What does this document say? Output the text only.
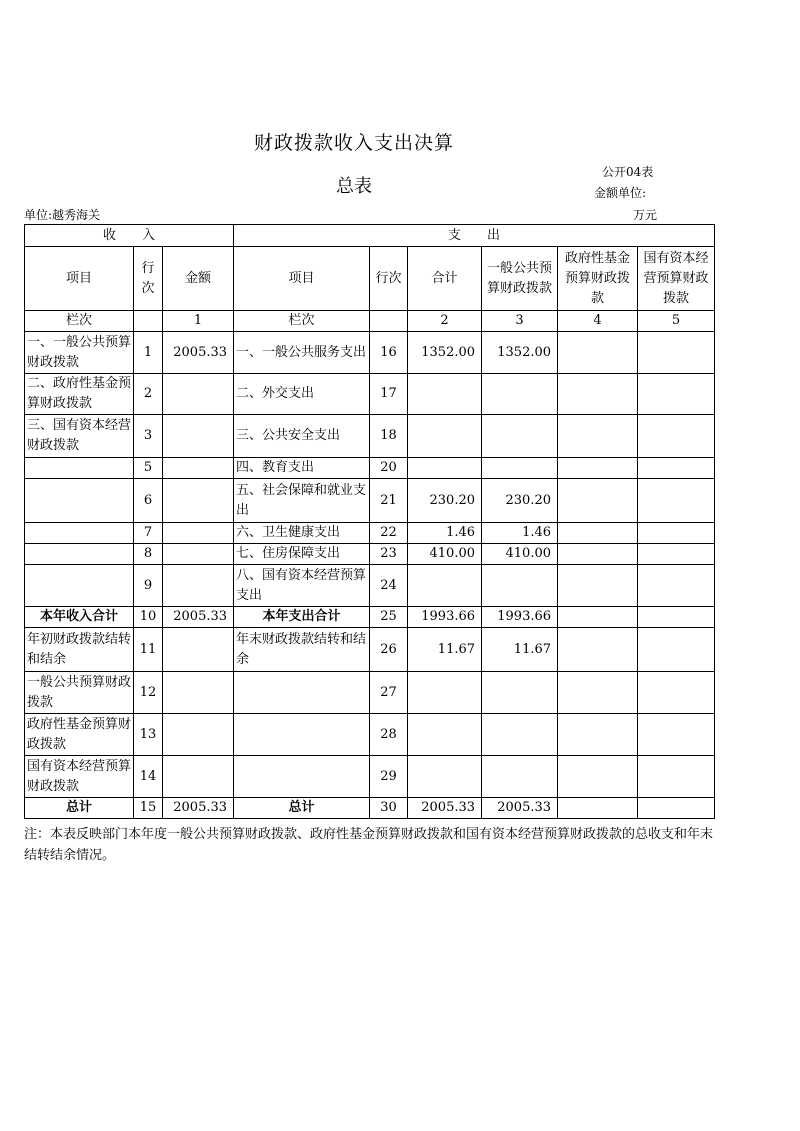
财政拨款收入支出决算
总表
公开04表
金额单位:
单位:越秀海关	万元
收　　入			支　　出					
项目	行次	金额	项目	行次	合计	一般公共预算财政拨款	政府性基金预算财政拨款	国有资本经营预算财政拨款
栏次		1	栏次		2	3	4	5
一、一般公共预算财政拨款	1	2005.33	一、一般公共服务支出	16	1352.00	1352.00		
二、政府性基金预算财政拨款	2		二、外交支出	17				
三、国有资本经营财政拨款	3		三、公共安全支出	18				
	5		四、教育支出	20				
	6		五、社会保障和就业支出	21	230.20	230.20		
	7		六、卫生健康支出	22	1.46	1.46		
	8		七、住房保障支出	23	410.00	410.00		
	9		八、国有资本经营预算支出	24				
本年收入合计	10	2005.33	本年支出合计	25	1993.66	1993.66		
年初财政拨款结转和结余	11		年末财政拨款结转和结余	26	11.67	11.67		
一般公共预算财政拨款	12			27				
政府性基金预算财政拨款	13			28				
国有资本经营预算财政拨款	14			29				
总计	15	2005.33	总计	30	2005.33	2005.33		
注：本表反映部门本年度一般公共预算财政拨款、政府性基金预算财政拨款和国有资本经营预算财政拨款的总收支和年末结转结余情况。
